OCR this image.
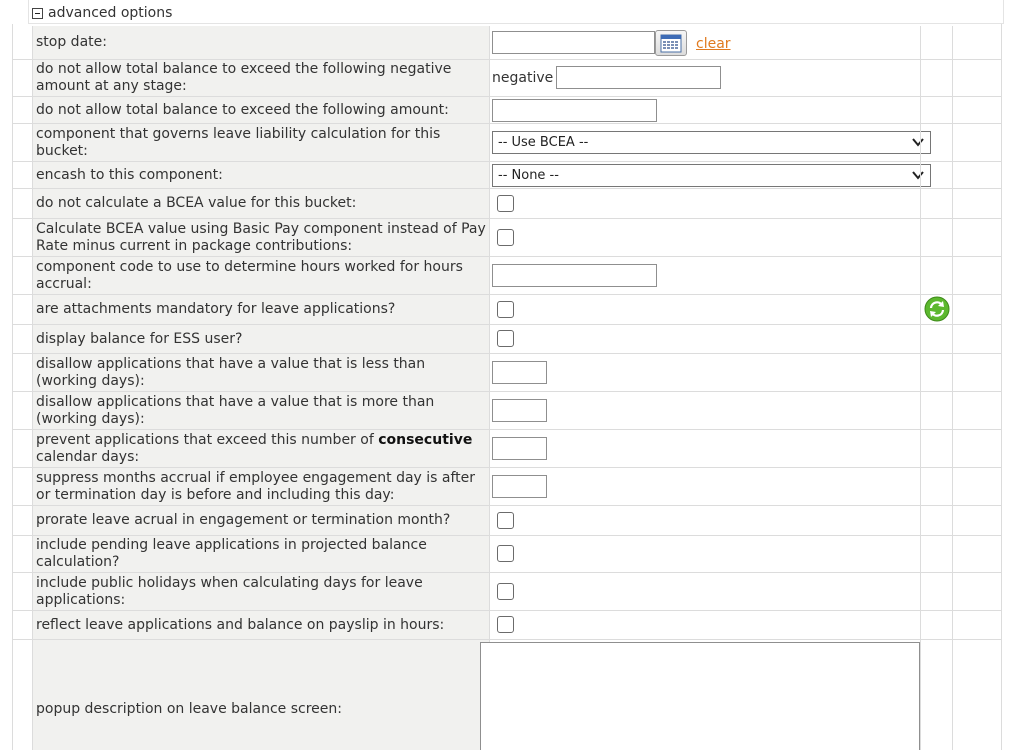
advanced options
stop date:	clear
do not allow total balance to exceed the following negative amount at any stage:	negative
do not allow total balance to exceed the following amount:
component that governs leave liability calculation for this bucket:	-- Use BCEA --
encash to this component:	-- None --
do not calculate a BCEA value for this bucket:
Calculate BCEA value using Basic Pay component instead of Pay Rate minus current in package contributions:
component code to use to determine hours worked for hours accrual:
are attachments mandatory for leave applications?
display balance for ESS user?
disallow applications that have a value that is less than (working days):
disallow applications that have a value that is more than (working days):
prevent applications that exceed this number of consecutive calendar days:
suppress months accrual if employee engagement day is after or termination day is before and including this day:
prorate leave acrual in engagement or termination month?
include pending leave applications in projected balance calculation?
include public holidays when calculating days for leave applications:
reflect leave applications and balance on payslip in hours:
popup description on leave balance screen:
